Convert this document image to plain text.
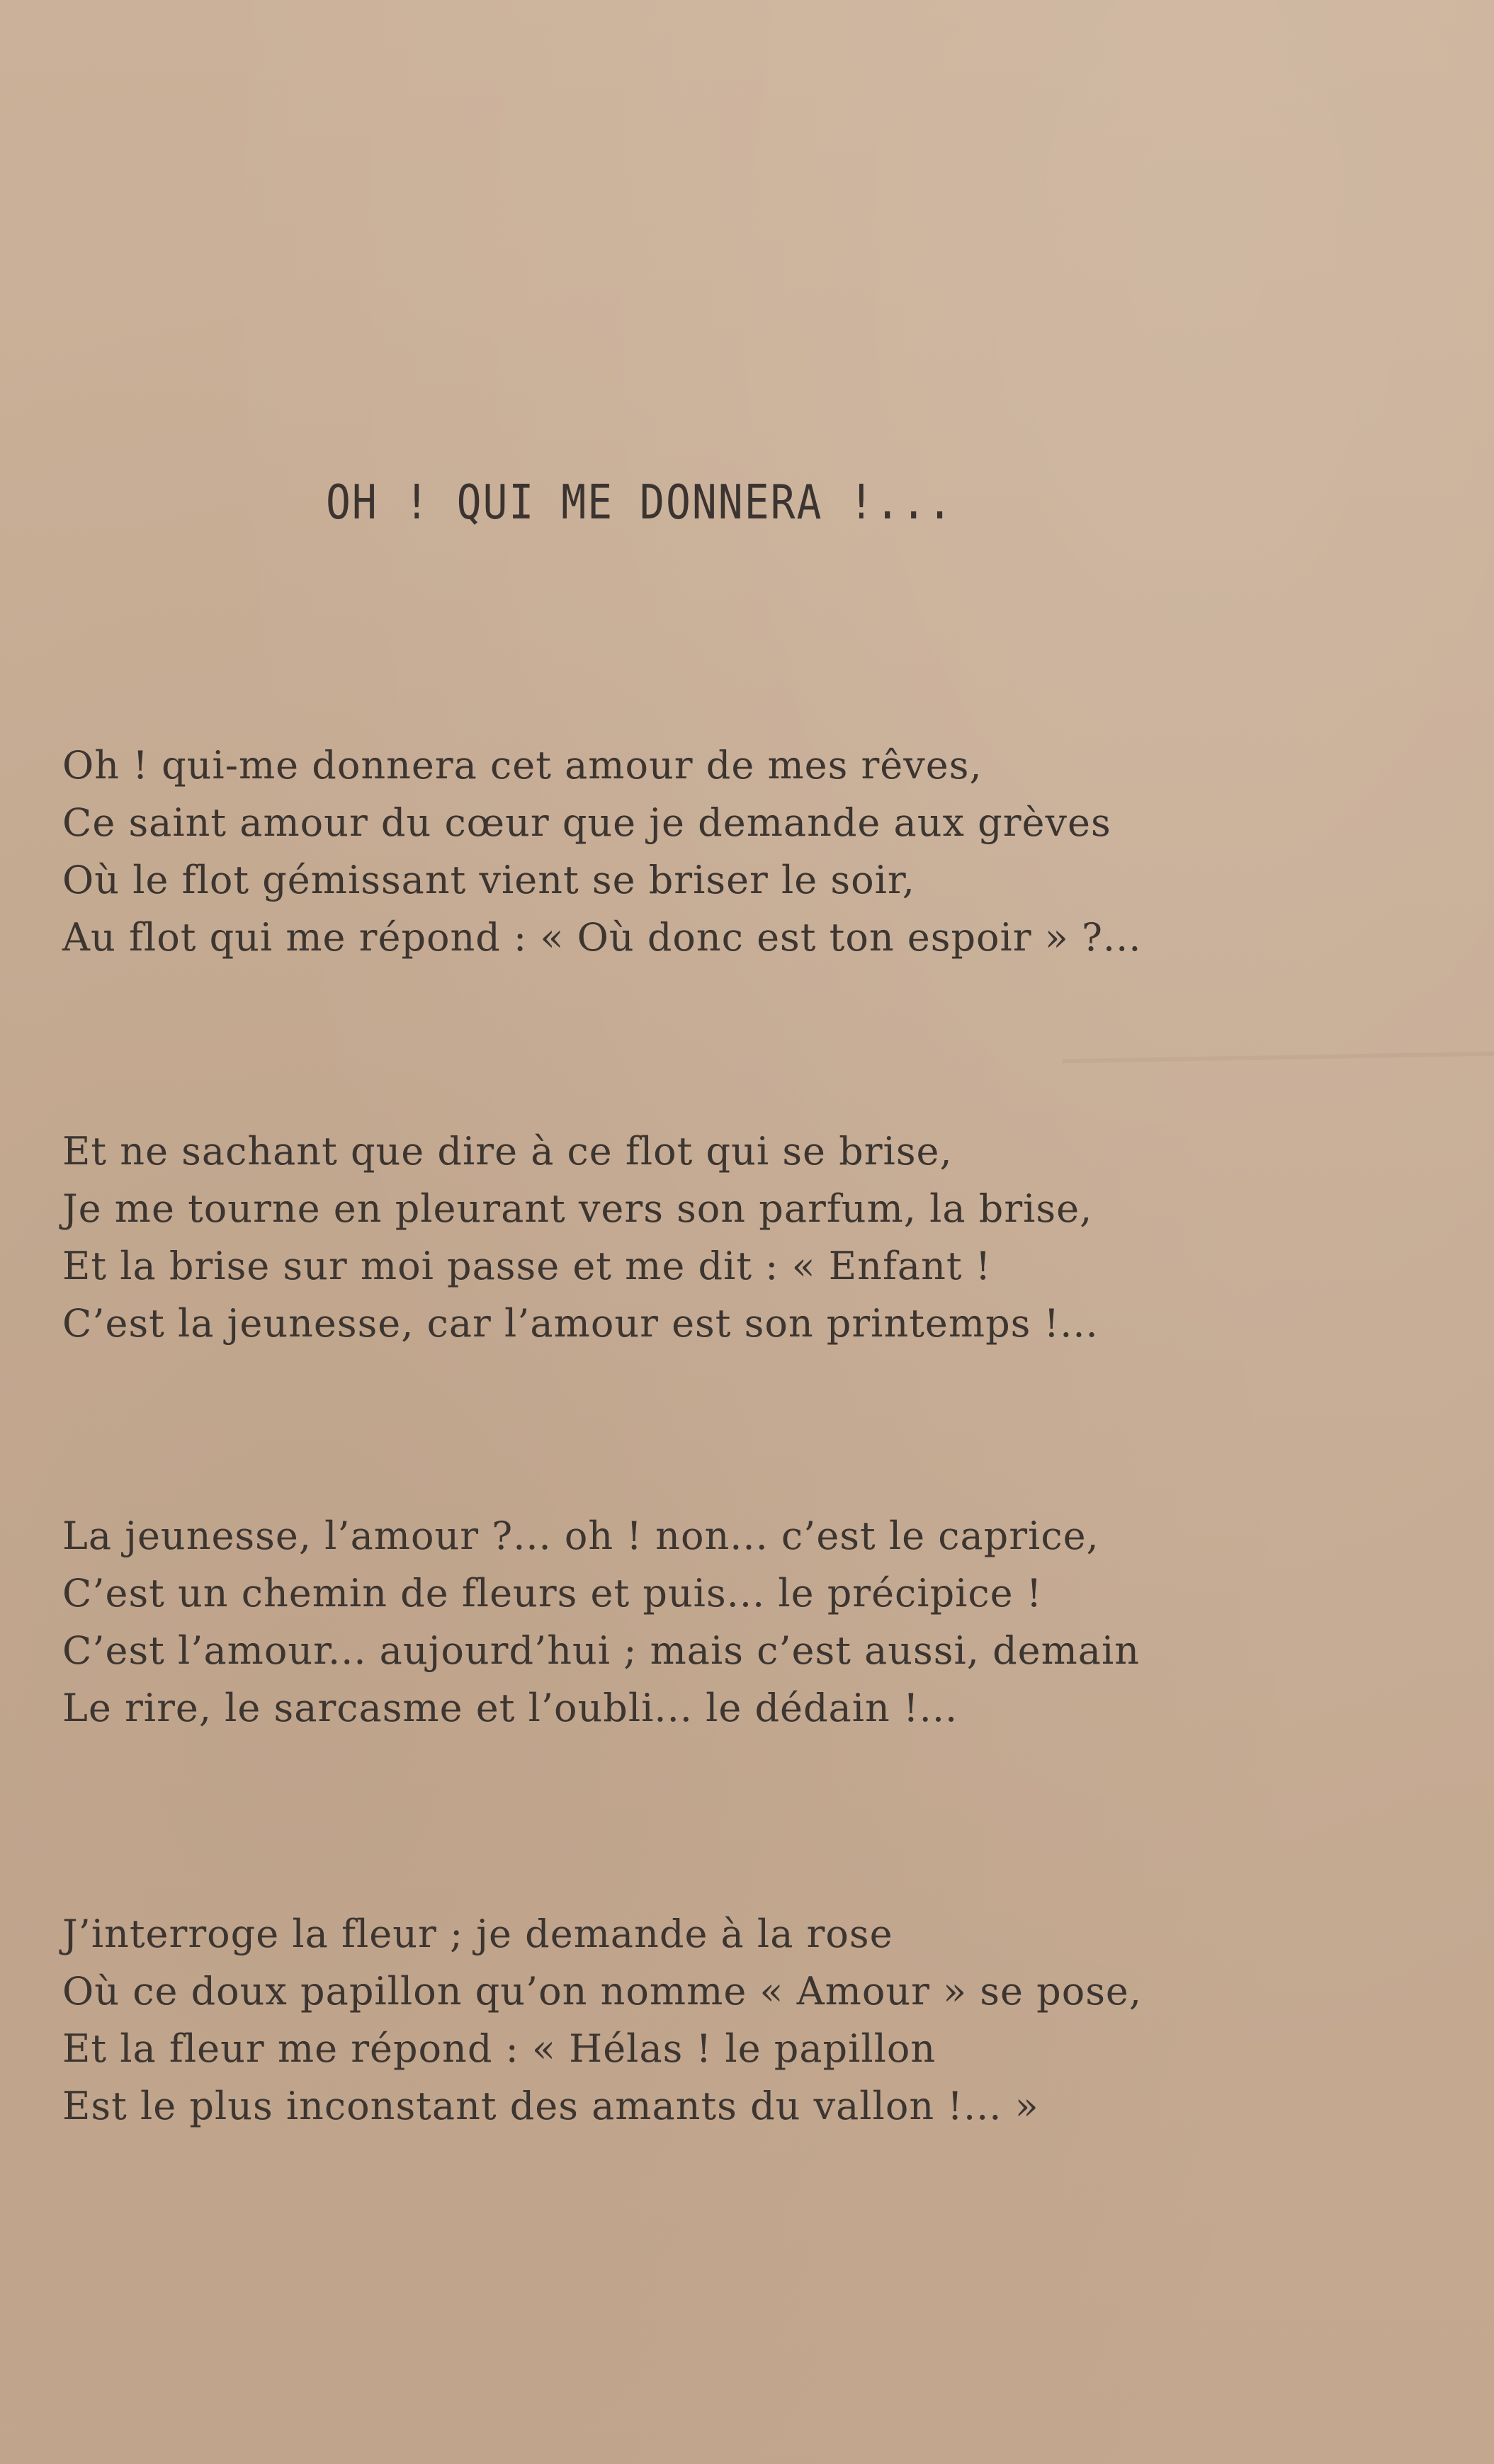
OH ! QUI ME DONNERA !...
Oh ! qui-me donnera cet amour de mes rêves,
Ce saint amour du cœur que je demande aux grèves
Où le flot gémissant vient se briser le soir,
Au flot qui me répond : « Où donc est ton espoir » ?...
Et ne sachant que dire à ce flot qui se brise,
Je me tourne en pleurant vers son parfum, la brise,
Et la brise sur moi passe et me dit : « Enfant !
C’est la jeunesse, car l’amour est son printemps !...
La jeunesse, l’amour ?... oh ! non... c’est le caprice,
C’est un chemin de fleurs et puis... le précipice !
C’est l’amour... aujourd’hui ; mais c’est aussi, demain
Le rire, le sarcasme et l’oubli... le dédain !...
J’interroge la fleur ; je demande à la rose
Où ce doux papillon qu’on nomme « Amour » se pose,
Et la fleur me répond : « Hélas ! le papillon
Est le plus inconstant des amants du vallon !... »
